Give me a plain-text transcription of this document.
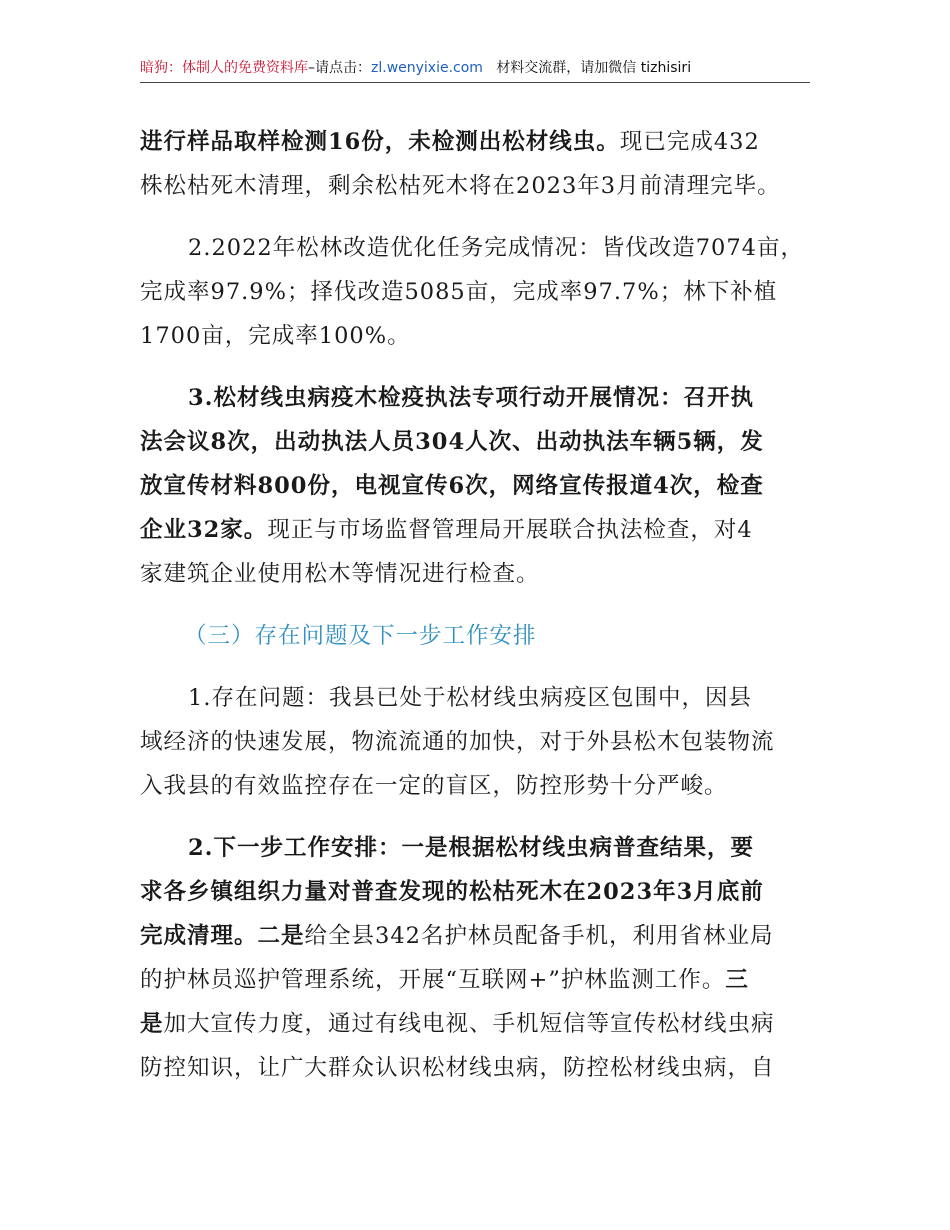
暗狗：体制人的免费资料库–请点击：zl.wenyixie.com 材料交流群，请加微信 tizhisiri
进行样品取样检测16份，未检测出松材线虫。现已完成432
株松枯死木清理，剩余松枯死木将在2023年3月前清理完毕。
2.2022年松林改造优化任务完成情况：皆伐改造7074亩，
完成率97.9%；择伐改造5085亩，完成率97.7%；林下补植
1700亩，完成率100%。
3.松材线虫病疫木检疫执法专项行动开展情况：召开执
法会议8次，出动执法人员304人次、出动执法车辆5辆，发
放宣传材料800份，电视宣传6次，网络宣传报道4次，检查
企业32家。现正与市场监督管理局开展联合执法检查，对4
家建筑企业使用松木等情况进行检查。
（三）存在问题及下一步工作安排
1.存在问题：我县已处于松材线虫病疫区包围中，因县
域经济的快速发展，物流流通的加快，对于外县松木包装物流
入我县的有效监控存在一定的盲区，防控形势十分严峻。
2.下一步工作安排：一是根据松材线虫病普查结果，要
求各乡镇组织力量对普查发现的松枯死木在2023年3月底前
完成清理。二是给全县342名护林员配备手机，利用省林业局
的护林员巡护管理系统，开展“互联网+”护林监测工作。三
是加大宣传力度，通过有线电视、手机短信等宣传松材线虫病
防控知识，让广大群众认识松材线虫病，防控松材线虫病，自
